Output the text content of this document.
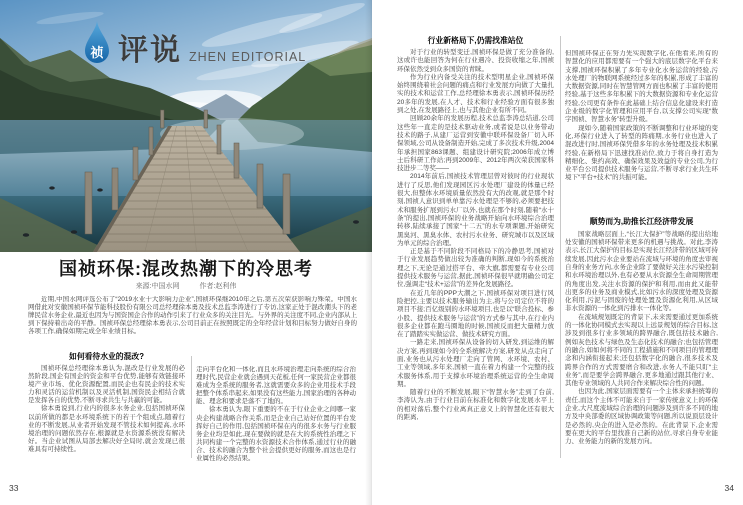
祯 评说 ZHEN EDITORIAL
国祯环保:混改热潮下的冷思考
来源:中国水网	作者:赵利伟

近期,中国水网评选公布了“2019水业十大影响力企业”,国祯环保继2010年之后,第五次荣获影响力殊荣。中国水网借此对安徽国祯环保节能科技股份有限公司总经理徐本勇及技术总监李涛进行了专访,这家正处于混改潮头下的老牌民营水务企业,最近也因为与国资国企合作的动作引来了行业众多的关注目光。与外界的关注度不同,企业内部从上到下保持着出奇的平静。国祯环保总经理徐本勇表示,公司目前正在按照既定的全年经营计划和目标努力做好自身的各项工作,确保如期完成全年业绩目标。

如何看待水业的混改?

国祯环保总经理徐本勇认为,混改是行业发展的必然阶段,国企有国企的资金和平台优势,能够有效链接环境产业市场、优化资源配置,而民企也有民企的技术实力和灵活的运营机制以及灵活机制,国资民企相结合就是发挥各自的优势,不断寻求共生与共赢的可能。

徐本勇说到,行业内的很多水务企业,包括国祯环保以前所做的都是水环境系统下的若干个组成点,随着行业的不断发展,从业者开始发现不管技术如何提高,水环境治理的问题依然存在,根源就是水资源系统没有解决好。当企业试图从局部去解决好全局时,就会发现已很难具有可持续性。

走向平台化和一体化,而且水环境治理走向系统的综合治理时代,民营企业就会遇到天花板,任何一家民营企业都很难成为全系统的服务者,这就需要众多的企业用技术手段把整个体系串起来,如果没有这些能力,国家治理的各种动能、理念和要求是落不了地的。

徐本勇认为,眼下重要的不在于行业企业之间哪一家央企构建战略合作关系,而是企业自己站好位置的平台发挥好自己的作用,包括国祯环保在内的很多水务与行业服务企业均是如此,现在要做的就是在大的系统性治理之下共同构建一个完整的水资源技术合作体系,通过行业的融合、技术的融合为整个社会提供更好的服务,而这也是行业属性的必然结果。

33
行业新格局下,仍需找准站位

对于行业的转型变迁,国祯环保是做了充分准备的,这或许也能回答为何在行业遇冷、投资收缩之年,国祯环保依然受到众多国资的青睐。

作为行业内备受关注的技术型明星企业,国祯环保始终围绕着社会问题的痛点和行业发展方向做了大量扎实的技术和运营工作,总经理徐本勇表示,国祯环保历经20多年的发展,在人才、技术和行业经验方面有很多独到之处,在发展路径上,也与其他企业有所不同。

回顾20余年的发展历程,技术总监李涛总结道,公司这些年一直走的是技术驱动业务,或者说是以业务带动技术的路子,从建厂运营到安徽中联环保设备厂切入环保领域,公司从设备制造开始,完成了多次技术升级,2004年承担国家863课题、组建设计研究院;2006年成立博士后科研工作站;再到2009年、2012年两次荣获国家科技进步二等奖——

2014年前后,国祯技术管理层曾对彼时的行业现状进行了反思,他们发现园区污水处理厂建设的体量已经很大,但整体水环境质量依然没有大的改观,就是那个时刻,国祯人意识到单单靠污水处理是不够的,必须要把技术和服务扩展到污水厂以外,也就在那个时刻,随着“水十条”的提出,国祯环保的业务战略开始向水环境综合治理转移,陆续承接了国家“十二五”的水专项课题,开始研究黑臭河、黑臭水体、农村污水业务、研究城市以及区域为单元的综合治理。

正是基于不同阶段不同格局下的冷静思考,国祯对于行业发展趋势做出较为准确的判断,现如今的系统治理之下,无论是通过搭平台、牵大旗,都需要有专业公司提供技术服务与运营,据此,国祯环保很早就明确公司定位,强调走“技术+运营”的差异化发展路径。

在近几年的PPP大潮之下,国祯环保对项目进行风险把控,主要以技术服务输出为主,将与公司定位不符的项目不接;百亿级别的水环境项目,也是以“联合投标、参小股、提供技术服务与运营”的方式参与其中,在行业内很多企业都在跑马圈地的时候,国祯反而把大量精力放在了踏踏实实做运营、做技术研究方面。

一路走来,国祯环保从设备的切入研发,到运维的解决方案,再到现如今的全系统解决方案,研发从点走向了面,业务也从污水处理厂走向了管网、水环境、农村、工业等领域,多年来,国祯一直在着力构建一个完整的技术服务体系,用于支撑水环境治理系统运营的全生命周期。

随着行业的不断发展,眼下“智慧水务”走到了台前,李涛认为,由于行业目前在标准化和数字化发展水平上的相对落后,整个行业离真正意义上的智慧化还有很大的距离,

但国祯环保正在努力先实现数字化,在他看来,所有的智慧化的应用都需要有一个强大的底层数字化平台来支撑,国祯环保积累了多年专业化水务运营的经验,污水处理厂的物联网系统经过多年的积累,形成了丰富的大数据资源,同时在智慧管网方面也积累了丰富的使用经验,基于这些多年积累下的大数据资源和专业化运营经验,公司更有条件在此基础上结合信息化建设来打造企业级的数字化管理和应用平台,以支撑公司实现“数字国祯、智慧水务”转型升级。

现如今,随着国家政策的不断调整和行业环境的变化,环保行业进入了转型的阵痛期,水务行业也进入了混改进行时,国祯环保凭借多年的水务处理及技术积累经验,在新格局下迅速找准站位,致力于将自身打造为精细化、集约高效、确保效果及效益的专业公司,为行业平台公司提供技术服务与运营,不断寻求行业共生环境下“平台+技术”的共振可能。

顺势而为,助推长江经济带发展

国家战略层面上,“长江大保护”等战略的提出给地处安徽的国祯环保带来更多的机遇与挑战。对此,李涛表示,长江大保护的目标是实现长江经济带的区域可持续发展,因此污水企业要站在流域与环境的角度去审视自身的业务方向,水务企业除了要做好关注水污染控制和水环境治理以外,也有必要从水资源全生命周期管理的角度出发,关注水资源的保护和利用,而由此又能带出更多的业务及商业模式,比如污水的深度处理及资源化利用,污泥与固废的处理处置及资源化利用,从区域非水资源的一体化到污排水一体化等。

在流域规划既定的背景下,未来需要通过更加系统的一体化协同模式去实现以上远景规划的综合目标,这涉及到很多行业多领域的跨界融合,既包括技术融合,例如灰色技术与绿色及生态化技术的融合;也包括管理的融合,如如何将不同的工程措施和不同项目的管理理念和内涵衔接起来;还包括数字化的融合,很多技术及跨界合作的方式需要磨合和改进,水务人不能只盯“主业务”,而是要学会跨界融合,更多地通过跟其他行业、其他专业领域的人共同合作来解决综合性的问题。

也因为此,国家层面需要有一个主体来承担统筹的责任,而这个主体不可能来自于一家传统意义上的环保企业,大尺度流域综合治理的问题涉及到许多不同的地方及中央部委的区域协调政策等问题,所以说顶层设计是必然的,央企的进入是必然的。在此背景下,企业需要在更大的平台里找准自己新的站位,寻求自身专业能力、业务能力的新的发展方向。

34
